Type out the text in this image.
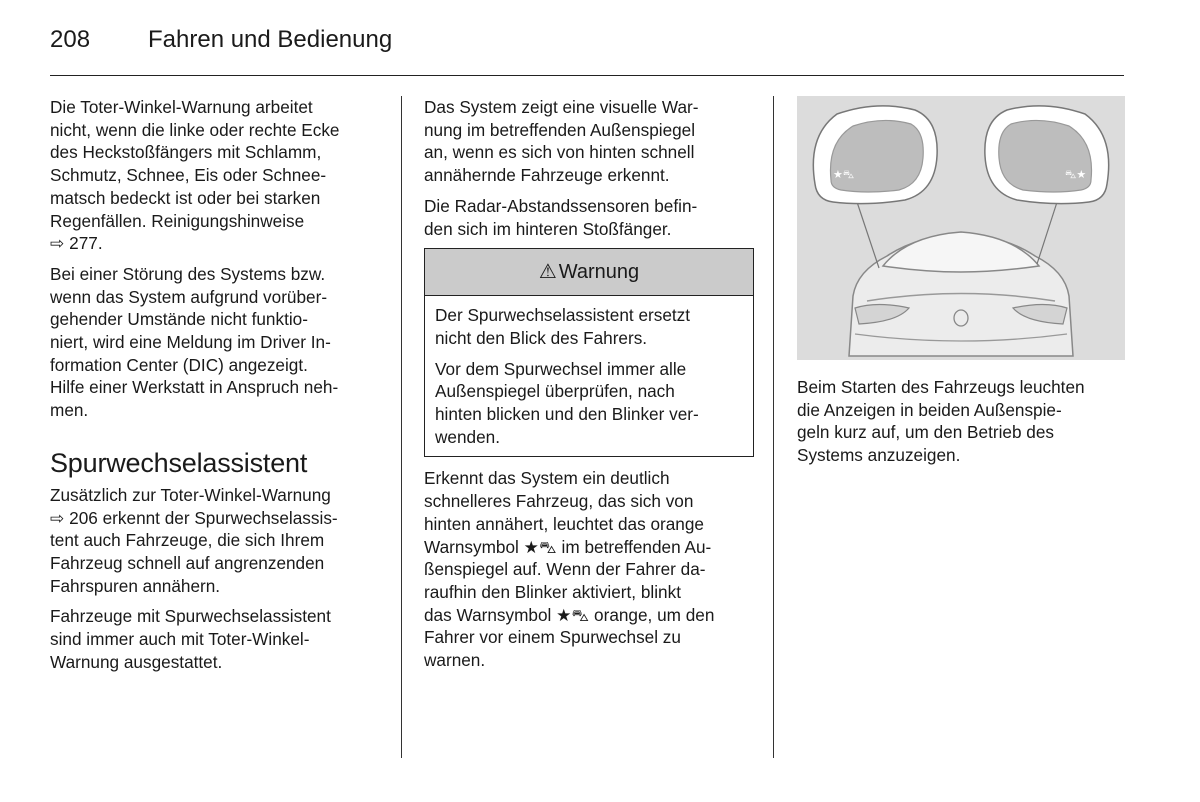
208 Fahren und Bedienung

Die Toter-Winkel-Warnung arbeitet
nicht, wenn die linke oder rechte Ecke
des Heckstoßfängers mit Schlamm,
Schmutz, Schnee, Eis oder Schnee-
matsch bedeckt ist oder bei starken
Regenfällen. Reinigungshinweise
⇨ 277.

Bei einer Störung des Systems bzw.
wenn das System aufgrund vorüber-
gehender Umstände nicht funktio-
niert, wird eine Meldung im Driver In-
formation Center (DIC) angezeigt.
Hilfe einer Werkstatt in Anspruch neh-
men.

Spurwechselassistent

Zusätzlich zur Toter-Winkel-Warnung
⇨ 206 erkennt der Spurwechselassis-
tent auch Fahrzeuge, die sich Ihrem
Fahrzeug schnell auf angrenzenden
Fahrspuren annähern.

Fahrzeuge mit Spurwechselassistent
sind immer auch mit Toter-Winkel-
Warnung ausgestattet.

Das System zeigt eine visuelle War-
nung im betreffenden Außenspiegel
an, wenn es sich von hinten schnell
annähernde Fahrzeuge erkennt.

Die Radar-Abstandssensoren befin-
den sich im hinteren Stoßfänger.

⚠ Warnung

Der Spurwechselassistent ersetzt
nicht den Blick des Fahrers.

Vor dem Spurwechsel immer alle
Außenspiegel überprüfen, nach
hinten blicken und den Blinker ver-
wenden.

Erkennt das System ein deutlich
schnelleres Fahrzeug, das sich von
hinten annähert, leuchtet das orange
Warnsymbol ★⛍ im betreffenden Au-
ßenspiegel auf. Wenn der Fahrer da-
raufhin den Blinker aktiviert, blinkt
das Warnsymbol ★⛍ orange, um den
Fahrer vor einem Spurwechsel zu
warnen.

★⛍	⛍★

Beim Starten des Fahrzeugs leuchten
die Anzeigen in beiden Außenspie-
geln kurz auf, um den Betrieb des
Systems anzuzeigen.
